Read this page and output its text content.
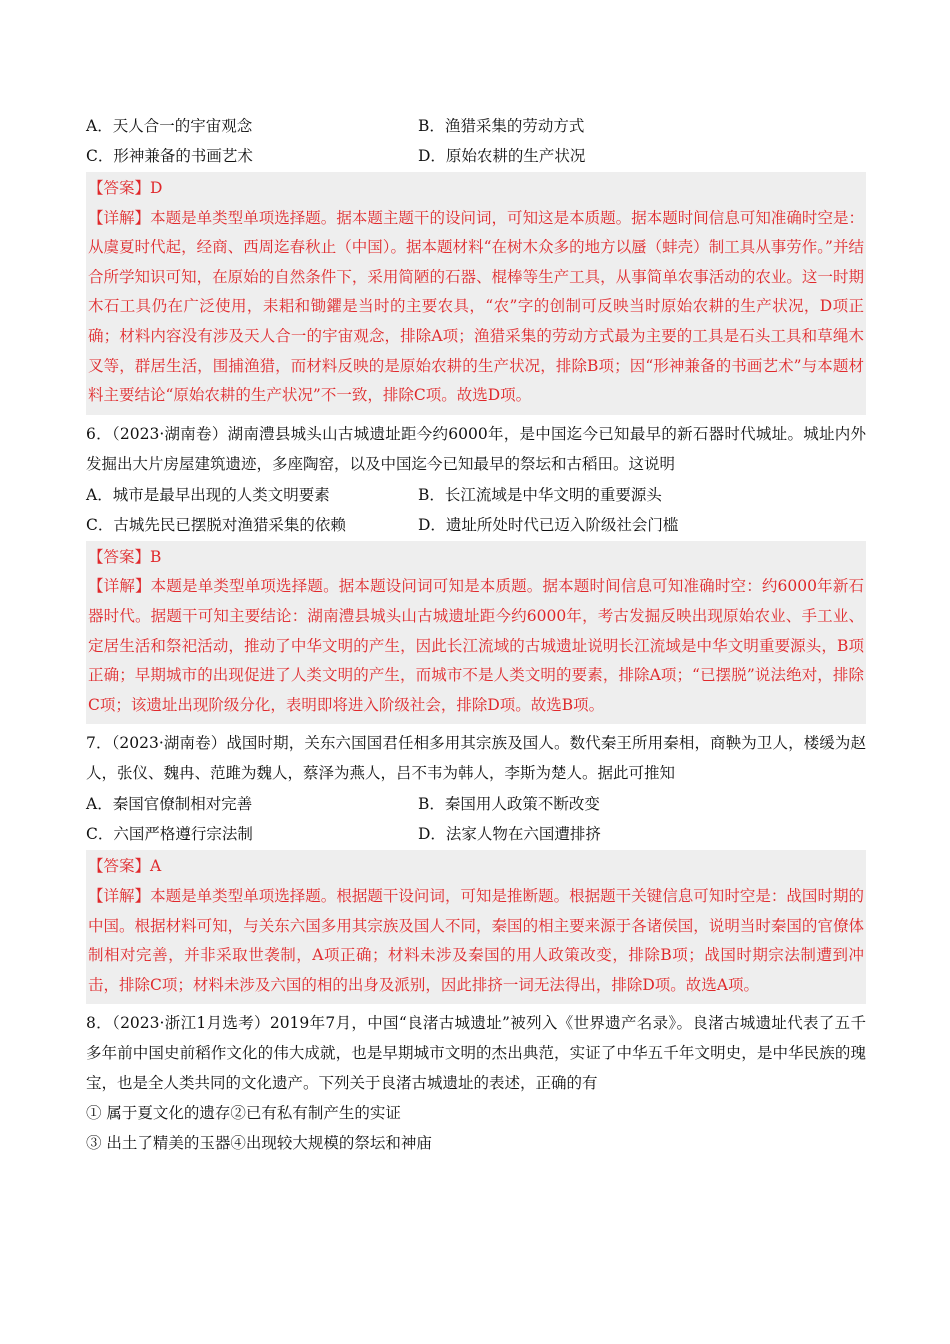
A．天人合一的宇宙观念	B．渔猎采集的劳动方式
C．形神兼备的书画艺术	D．原始农耕的生产状况
【答案】D
【详解】本题是单类型单项选择题。据本题主题干的设问词，可知这是本质题。据本题时间信息可知准确时空是：从虞夏时代起，经商、西周迄春秋止（中国）。据本题材料“在树木众多的地方以蜃（蚌壳）制工具从事劳作。”并结合所学知识可知，在原始的自然条件下，采用简陋的石器、棍棒等生产工具，从事简单农事活动的农业。这一时期木石工具仍在广泛使用，耒耜和锄鑺是当时的主要农具，“农”字的创制可反映当时原始农耕的生产状况，D项正确；材料内容没有涉及天人合一的宇宙观念，排除A项；渔猎采集的劳动方式最为主要的工具是石头工具和草绳木叉等，群居生活，围捕渔猎，而材料反映的是原始农耕的生产状况，排除B项；因“形神兼备的书画艺术”与本题材料主要结论“原始农耕的生产状况”不一致，排除C项。故选D项。
6．（2023·湖南卷）湖南澧县城头山古城遗址距今约6000年，是中国迄今已知最早的新石器时代城址。城址内外发掘出大片房屋建筑遗迹，多座陶窑，以及中国迄今已知最早的祭坛和古稻田。这说明
A．城市是最早出现的人类文明要素	B．长江流域是中华文明的重要源头
C．古城先民已摆脱对渔猎采集的依赖	D．遗址所处时代已迈入阶级社会门槛
【答案】B
【详解】本题是单类型单项选择题。据本题设问词可知是本质题。据本题时间信息可知准确时空：约6000年新石器时代。据题干可知主要结论：湖南澧县城头山古城遗址距今约6000年，考古发掘反映出现原始农业、手工业、定居生活和祭祀活动，推动了中华文明的产生，因此长江流域的古城遗址说明长江流域是中华文明重要源头，B项正确；早期城市的出现促进了人类文明的产生，而城市不是人类文明的要素，排除A项；“已摆脱”说法绝对，排除C项；该遗址出现阶级分化，表明即将进入阶级社会，排除D项。故选B项。
7．（2023·湖南卷）战国时期，关东六国国君任相多用其宗族及国人。数代秦王所用秦相，商鞅为卫人，楼缓为赵人，张仪、魏冉、范雎为魏人，蔡泽为燕人，吕不韦为韩人，李斯为楚人。据此可推知
A．秦国官僚制相对完善	B．秦国用人政策不断改变
C．六国严格遵行宗法制	D．法家人物在六国遭排挤
【答案】A
【详解】本题是单类型单项选择题。根据题干设问词，可知是推断题。根据题干关键信息可知时空是：战国时期的中国。根据材料可知，与关东六国多用其宗族及国人不同，秦国的相主要来源于各诸侯国，说明当时秦国的官僚体制相对完善，并非采取世袭制，A项正确；材料未涉及秦国的用人政策改变，排除B项；战国时期宗法制遭到冲击，排除C项；材料未涉及六国的相的出身及派别，因此排挤一词无法得出，排除D项。故选A项。
8．（2023·浙江1月选考）2019年7月，中国“良渚古城遗址”被列入《世界遗产名录》。良渚古城遗址代表了五千多年前中国史前稻作文化的伟大成就，也是早期城市文明的杰出典范，实证了中华五千年文明史，是中华民族的瑰宝，也是全人类共同的文化遗产。下列关于良渚古城遗址的表述，正确的有
① 属于夏文化的遗存②已有私有制产生的实证
③ 出土了精美的玉器④出现较大规模的祭坛和神庙
